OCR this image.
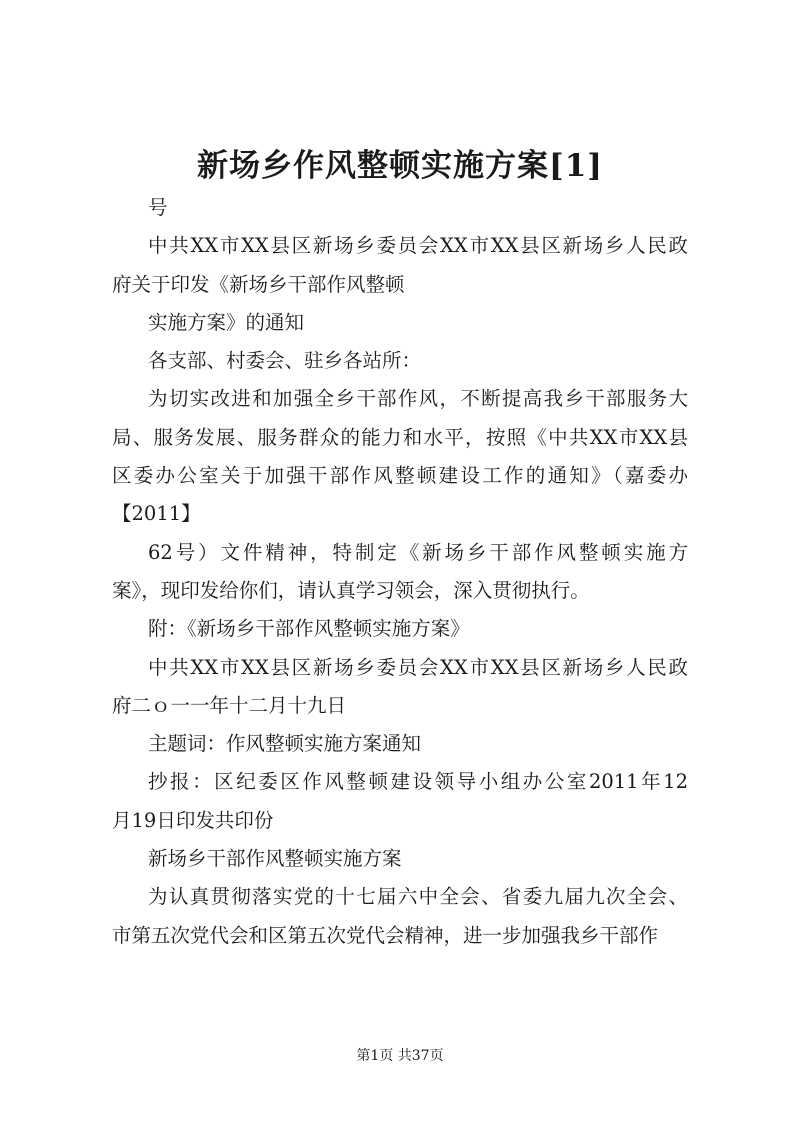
新场乡作风整顿实施方案[1]
号
中共XX市XX县区新场乡委员会XX市XX县区新场乡人民政
府关于印发《新场乡干部作风整顿
实施方案》的通知
各支部、村委会、驻乡各站所：
为切实改进和加强全乡干部作风，不断提高我乡干部服务大
局、服务发展、服务群众的能力和水平，按照《中共XX市XX县
区委办公室关于加强干部作风整顿建设工作的通知》（嘉委办
【2011】
62号）文件精神，特制定《新场乡干部作风整顿实施方
案》，现印发给你们，请认真学习领会，深入贯彻执行。
附：《新场乡干部作风整顿实施方案》
中共XX市XX县区新场乡委员会XX市XX县区新场乡人民政
府二ｏ一一年十二月十九日
主题词：作风整顿实施方案通知
抄报：区纪委区作风整顿建设领导小组办公室2011年12
月19日印发共印份
新场乡干部作风整顿实施方案
为认真贯彻落实党的十七届六中全会、省委九届九次全会、
市第五次党代会和区第五次党代会精神，进一步加强我乡干部作
第1页 共37页
